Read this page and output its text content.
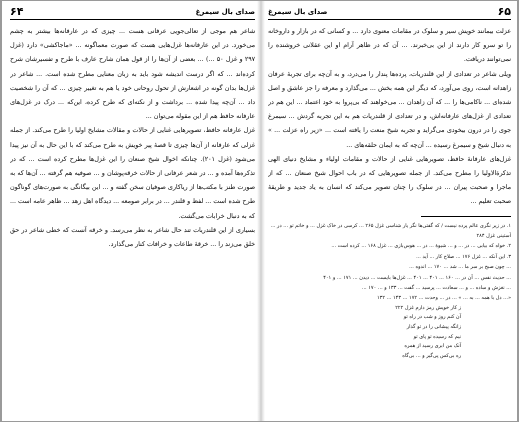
۶۴	صدای بال سیمرغ

شاعر هم موجی از تعالی‌جویی عرفانی هست ... چیزی که در عارفانه‌ها بیشتر به چشم می‌خورد. در این عارفانه‌ها غزل‌هایی هست که صورت معماگونه ... «ماجاکشی» دارد (غزل ۲۹۷ و غزل ۵۰ ...) ... بعضی از آن‌ها را از قول همان شارح عارف با طرح و تفسیرشان شرح کرده‌اند ... که اگر درست اندیشه شود باید به زبان معنایی مطرح شده است. ... شاعر در غزل‌ها بدان گونه در اشعارش از تحول روحانی خود یا هم به تغییر چیزی ... که آن را شخصیت داد ... آن‌چه پیدا شده ... برداشت و از نکته‌ای که طرح کرده، این‌که ... درک در غزل‌های عارفانه حافظ هم از این مقوله می‌توان ...

غزل عارفانه حافظ، تصویرهایی غنایی از حالات و مقالات مشایخ اولیا را طرح می‌کند. از جمله غزلی که عارفانه از آن‌ها چیزی تا قصهٔ پیر خویش به طرح می‌کند که با این حال به آن نیز پیدا می‌شود (غزل ۲۰۱). چنانکه اخوال شیخ صنعان را این غزل‌ها مطرح کرده است ... که در تذکره‌ها آمده و ... در شعر عرفانی از حالات خرقه‌پوشان و ... صوفیه هم گرفته ... آن‌ها که به صورت طنز با مکتب‌ها از ریاکاری صوفیان سخن گفته و ... این بیگانگی به صورت‌های گوناگون طرح شده است ... لفظ و قلندر ... در برابر صومعه ... دیدگاه اهل زهد ... ظاهر عامه است ... که به دنبال خرابات می‌گشت.

بسیاری از این قلندریات تند حال شاعر به نظر می‌رسد. و خرقه آنست که خطی شاعر در حق خلق می‌زند را ... خرقهٔ طاعات و خرافات کنار می‌گذارد.

۶۵
صدای بال سیمرغ

عزلت بیمانند خویش سیر و سلوک در مقامات معنوی دارد ... و کسانی که در بازار و داروخانه را تو سرو کار دارند از این بی‌خبرند. ... آن که در ظاهر آرام او این عقلانی خروشنده را نمی‌توانند دریافت.

ویلی شاعر در تعدادی از این قلندریات، پرده‌ها پندار را می‌درد، و به آن‌چه برای تجربهٔ عرفان زاهدانه است، روی می‌آورد، که دیگر این همه بخش ... می‌گذارد و معرفه را جز عاشق و اصل شده‌ای ... ناکامی‌ها را ... که آن زاهدان ... می‌خواهند که بی‌پروا به خود اعتماد ... این هم در تعدادی از غزل‌های عارفانه‌اش، و در تعدادی از قلندریات هم به این تجربه گردش ... سیمرغ جوی را در درون بیخودی می‌گراید و تجربه شیخ منعت را یافته است ... «زیر راه عزلت ... » به دنبال شیخ و سیمرغ رسیده ... آن‌چه که به ایمان حلقه‌های ...

غزل‌های عارفانهٔ حافظ، تصویرهایی غنایی از حالات و مقامات اولیاء و مشایخ دنیای الهی تذکرة‌الاولیا را مطرح می‌کند. از جمله تصویرهایی که در باب احوال شیخ صنعان ... که از ماجرا و صحبت پیران ... در سلوک را چنان تصویر می‌کند که انسان به یاد جدید و طریقهٔ صحبت تعلیم ...

۱. در زیر نگری عالم پرده نیست / که گفتی‌ها نگر یار شناسی غزل ۲۶۵ ... کرسی در خاک غزل ... و خاتم تو ... در ... آستینی غزل ۲۸۴

۲. خواه که بیابی ... در ... و ... شیوهٔ ... در ... هوس‌بازی ... غزل ۱۶۸ ... کرده است ...

۳. این آنکه ... غزل ۱۷۶ ... صلاح کار ... آید ...

... چون صبح بر سر ما ... شد ... ۱۷۰ ... اندوه ...

... حدیث نفس ... آن در ... ۱۶۰ ... ۴۰۱ ... ۴۰۱ ... غزل‌ها بایست ... دیدن ... ۱۷۱ ... و ۴۰۱

... نغزش و ساده ... و ... سعادت ... پرسید ... گفت ... ۱۳۳ و ... ۱۷۰ ...

«... دل با همه ... به ... » ... در ... وحدت ... ۱۷۲ ... ۱۴۳ ... ۱۳۲

ز کار خویش رمز دارم غزل ۲۲۲

آن کنم روز و شب در راه تو

زانگه پیشانی را در تو گذار

نیم که رسیده تو پای تو

آنک من ابری رسید از همره

ره بی‌کس پی‌گیر و ... بی‌گاه
